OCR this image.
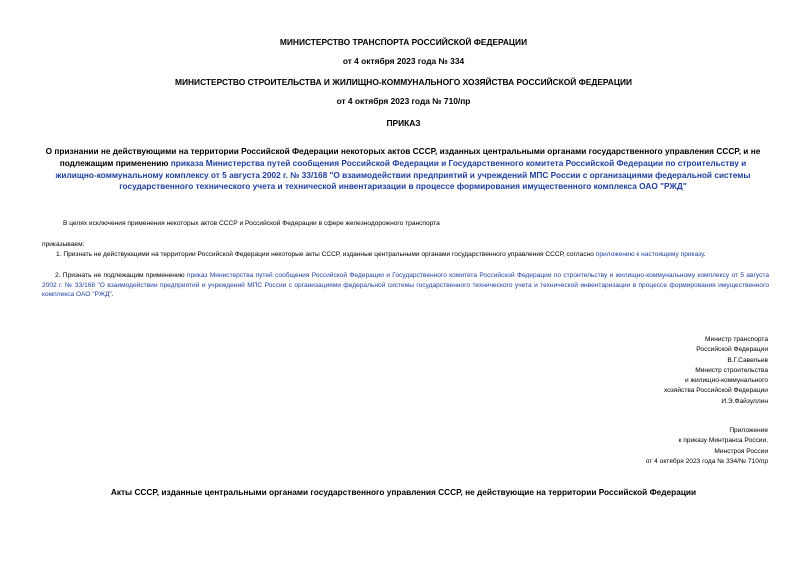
МИНИСТЕРСТВО ТРАНСПОРТА РОССИЙСКОЙ ФЕДЕРАЦИИ
от 4 октября 2023 года № 334
МИНИСТЕРСТВО СТРОИТЕЛЬСТВА И ЖИЛИЩНО-КОММУНАЛЬНОГО ХОЗЯЙСТВА РОССИЙСКОЙ ФЕДЕРАЦИИ
от 4 октября 2023 года № 710/пр
ПРИКАЗ
О признании не действующими на территории Российской Федерации некоторых актов СССР, изданных центральными органами государственного управления СССР, и не подлежащим применению приказа Министерства путей сообщения Российской Федерации и Государственного комитета Российской Федерации по строительству и жилищно-коммунальному комплексу от 5 августа 2002 г. № 33/168 "О взаимодействии предприятий и учреждений МПС России с организациями федеральной системы государственного технического учета и технической инвентаризации в процессе формирования имущественного комплекса ОАО "РЖД"
В целях исключения применения некоторых актов СССР и Российской Федерации в сфере железнодорожного транспорта
приказываем:
1. Признать не действующими на территории Российской Федерации некоторые акты СССР, изданные центральными органами государственного управления СССР, согласно приложению к настоящему приказу.
2. Признать не подлежащим применению приказ Министерства путей сообщения Российской Федерации и Государственного комитета Российской Федерации по строительству и жилищно-коммунальному комплексу от 5 августа 2002 г. № 33/168 "О взаимодействии предприятий и учреждений МПС России с организациями федеральной системы государственного технического учета и технической инвентаризации в процессе формирования имущественного комплекса ОАО "РЖД".
Министр транспорта
Российской Федерации
В.Г.Савельев
Министр строительства
и жилищно-коммунального
хозяйства Российской Федерации
И.Э.Файзуллин
Приложение
к приказу Минтранса России,
Минстроя России
от 4 октября 2023 года № 334/№ 710/пр
Акты СССР, изданные центральными органами государственного управления СССР, не действующие на территории Российской Федерации
